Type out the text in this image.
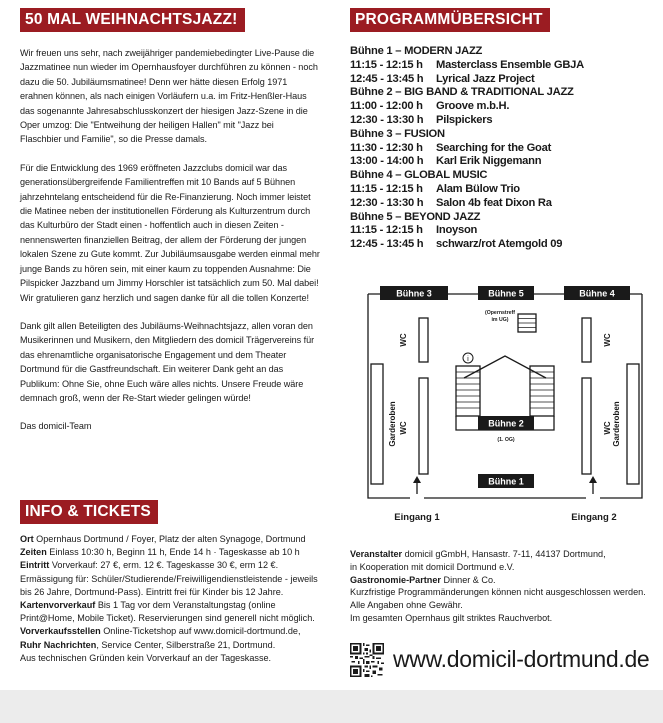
50 MAL WEIHNACHTSJAZZ!

Wir freuen uns sehr, nach zweijähriger pandemiebedingter Live-Pause die
Jazzmatinee nun wieder im Opernhausfoyer durchführen zu können - noch
dazu die 50. Jubiläumsmatinee! Denn wer hätte diesen Erfolg 1971
erahnen können, als nach einigen Vorläufern u.a. im Fritz-Henßler-Haus
das sogenannte Jahresabschlusskonzert der hiesigen Jazz-Szene in die
Oper umzog: Die "Entweihung der heiligen Hallen" mit "Jazz bei
Flaschbier und Familie", so die Presse damals.

Für die Entwicklung des 1969 eröffneten Jazzclubs domicil war das
generationsübergreifende Familientreffen mit 10 Bands auf 5 Bühnen
jahrzehntelang entscheidend für die Re-Finanzierung. Noch immer leistet
die Matinee neben der institutionellen Förderung als Kulturzentrum durch
das Kulturbüro der Stadt einen - hoffentlich auch in diesen Zeiten -
nennenswerten finanziellen Beitrag, der allem der Förderung der jungen
lokalen Szene zu Gute kommt. Zur Jubiläumsausgabe werden einmal mehr
junge Bands zu hören sein, mit einer kaum zu toppenden Ausnahme: Die
Pilspicker Jazzband um Jimmy Horschler ist tatsächlich zum 50. Mal dabei!
Wir gratulieren ganz herzlich und sagen danke für all die tollen Konzerte!

Dank gilt allen Beteiligten des Jubiläums-Weihnachtsjazz, allen voran den
Musikerinnen und Musikern, den Mitgliedern des domicil Trägervereins für
das ehrenamtliche organisatorische Engagement und dem Theater
Dortmund für die Gastfreundschaft. Ein weiterer Dank geht an das
Publikum: Ohne Sie, ohne Euch wäre alles nichts. Unsere Freude wäre
demnach groß, wenn der Re-Start wieder gelingen würde!

Das domicil-Team

INFO & TICKETS
Ort Opernhaus Dortmund / Foyer, Platz der alten Synagoge, Dortmund
Zeiten Einlass 10:30 h, Beginn 11 h, Ende 14 h · Tageskasse ab 10 h
Eintritt Vorverkauf: 27 €, erm. 12 €. Tageskasse 30 €, erm 12 €.
Ermässigung für: Schüler/Studierende/Freiwilligendienstleistende - jeweils
bis 26 Jahre, Dortmund-Pass). Eintritt frei für Kinder bis 12 Jahre.
Kartenvorverkauf Bis 1 Tag vor dem Veranstaltungstag (online
Print@Home, Mobile Ticket). Reservierungen sind generell nicht möglich.
Vorverkaufsstellen Online-Ticketshop auf www.domicil-dortmund.de,
Ruhr Nachrichten, Service Center, Silberstraße 21, Dortmund.
Aus technischen Gründen kein Vorverkauf an der Tageskasse.
PROGRAMMÜBERSICHT
Bühne 1 – MODERN JAZZ
11:15 - 12:15 h Masterclass Ensemble GBJA
12:45 - 13:45 h Lyrical Jazz Project
Bühne 2 – BIG BAND & TRADITIONAL JAZZ
11:00 - 12:00 h Groove m.b.H.
12:30 - 13:30 h Pilspickers
Bühne 3 – FUSION
11:30 - 12:30 h Searching for the Goat
13:00 - 14:00 h Karl Erik Niggemann
Bühne 4 – GLOBAL MUSIC
11:15 - 12:15 h Alam Bülow Trio
12:30 - 13:30 h Salon 4b feat Dixon Ra
Bühne 5 – BEYOND JAZZ
11:15 - 12:15 h Inoyson
12:45 - 13:45 h schwarz/rot Atemgold 09
Bühne 3	Bühne 5	Bühne 4
Bühne 2
Bühne 1
(Opernstreff
im UG)
(1. OG)
i
Eingang 1	Eingang 2
WC
WC
WC
WC
Garderoben	Garderoben
Veranstalter domicil gGmbH, Hansastr. 7-11, 44137 Dortmund,
in Kooperation mit domicil Dortmund e.V.
Gastronomie-Partner Dinner & Co.
Kurzfristige Programmänderungen können nicht ausgeschlossen werden.
Alle Angaben ohne Gewähr.
Im gesamten Opernhaus gilt striktes Rauchverbot.
www.domicil-dortmund.de
